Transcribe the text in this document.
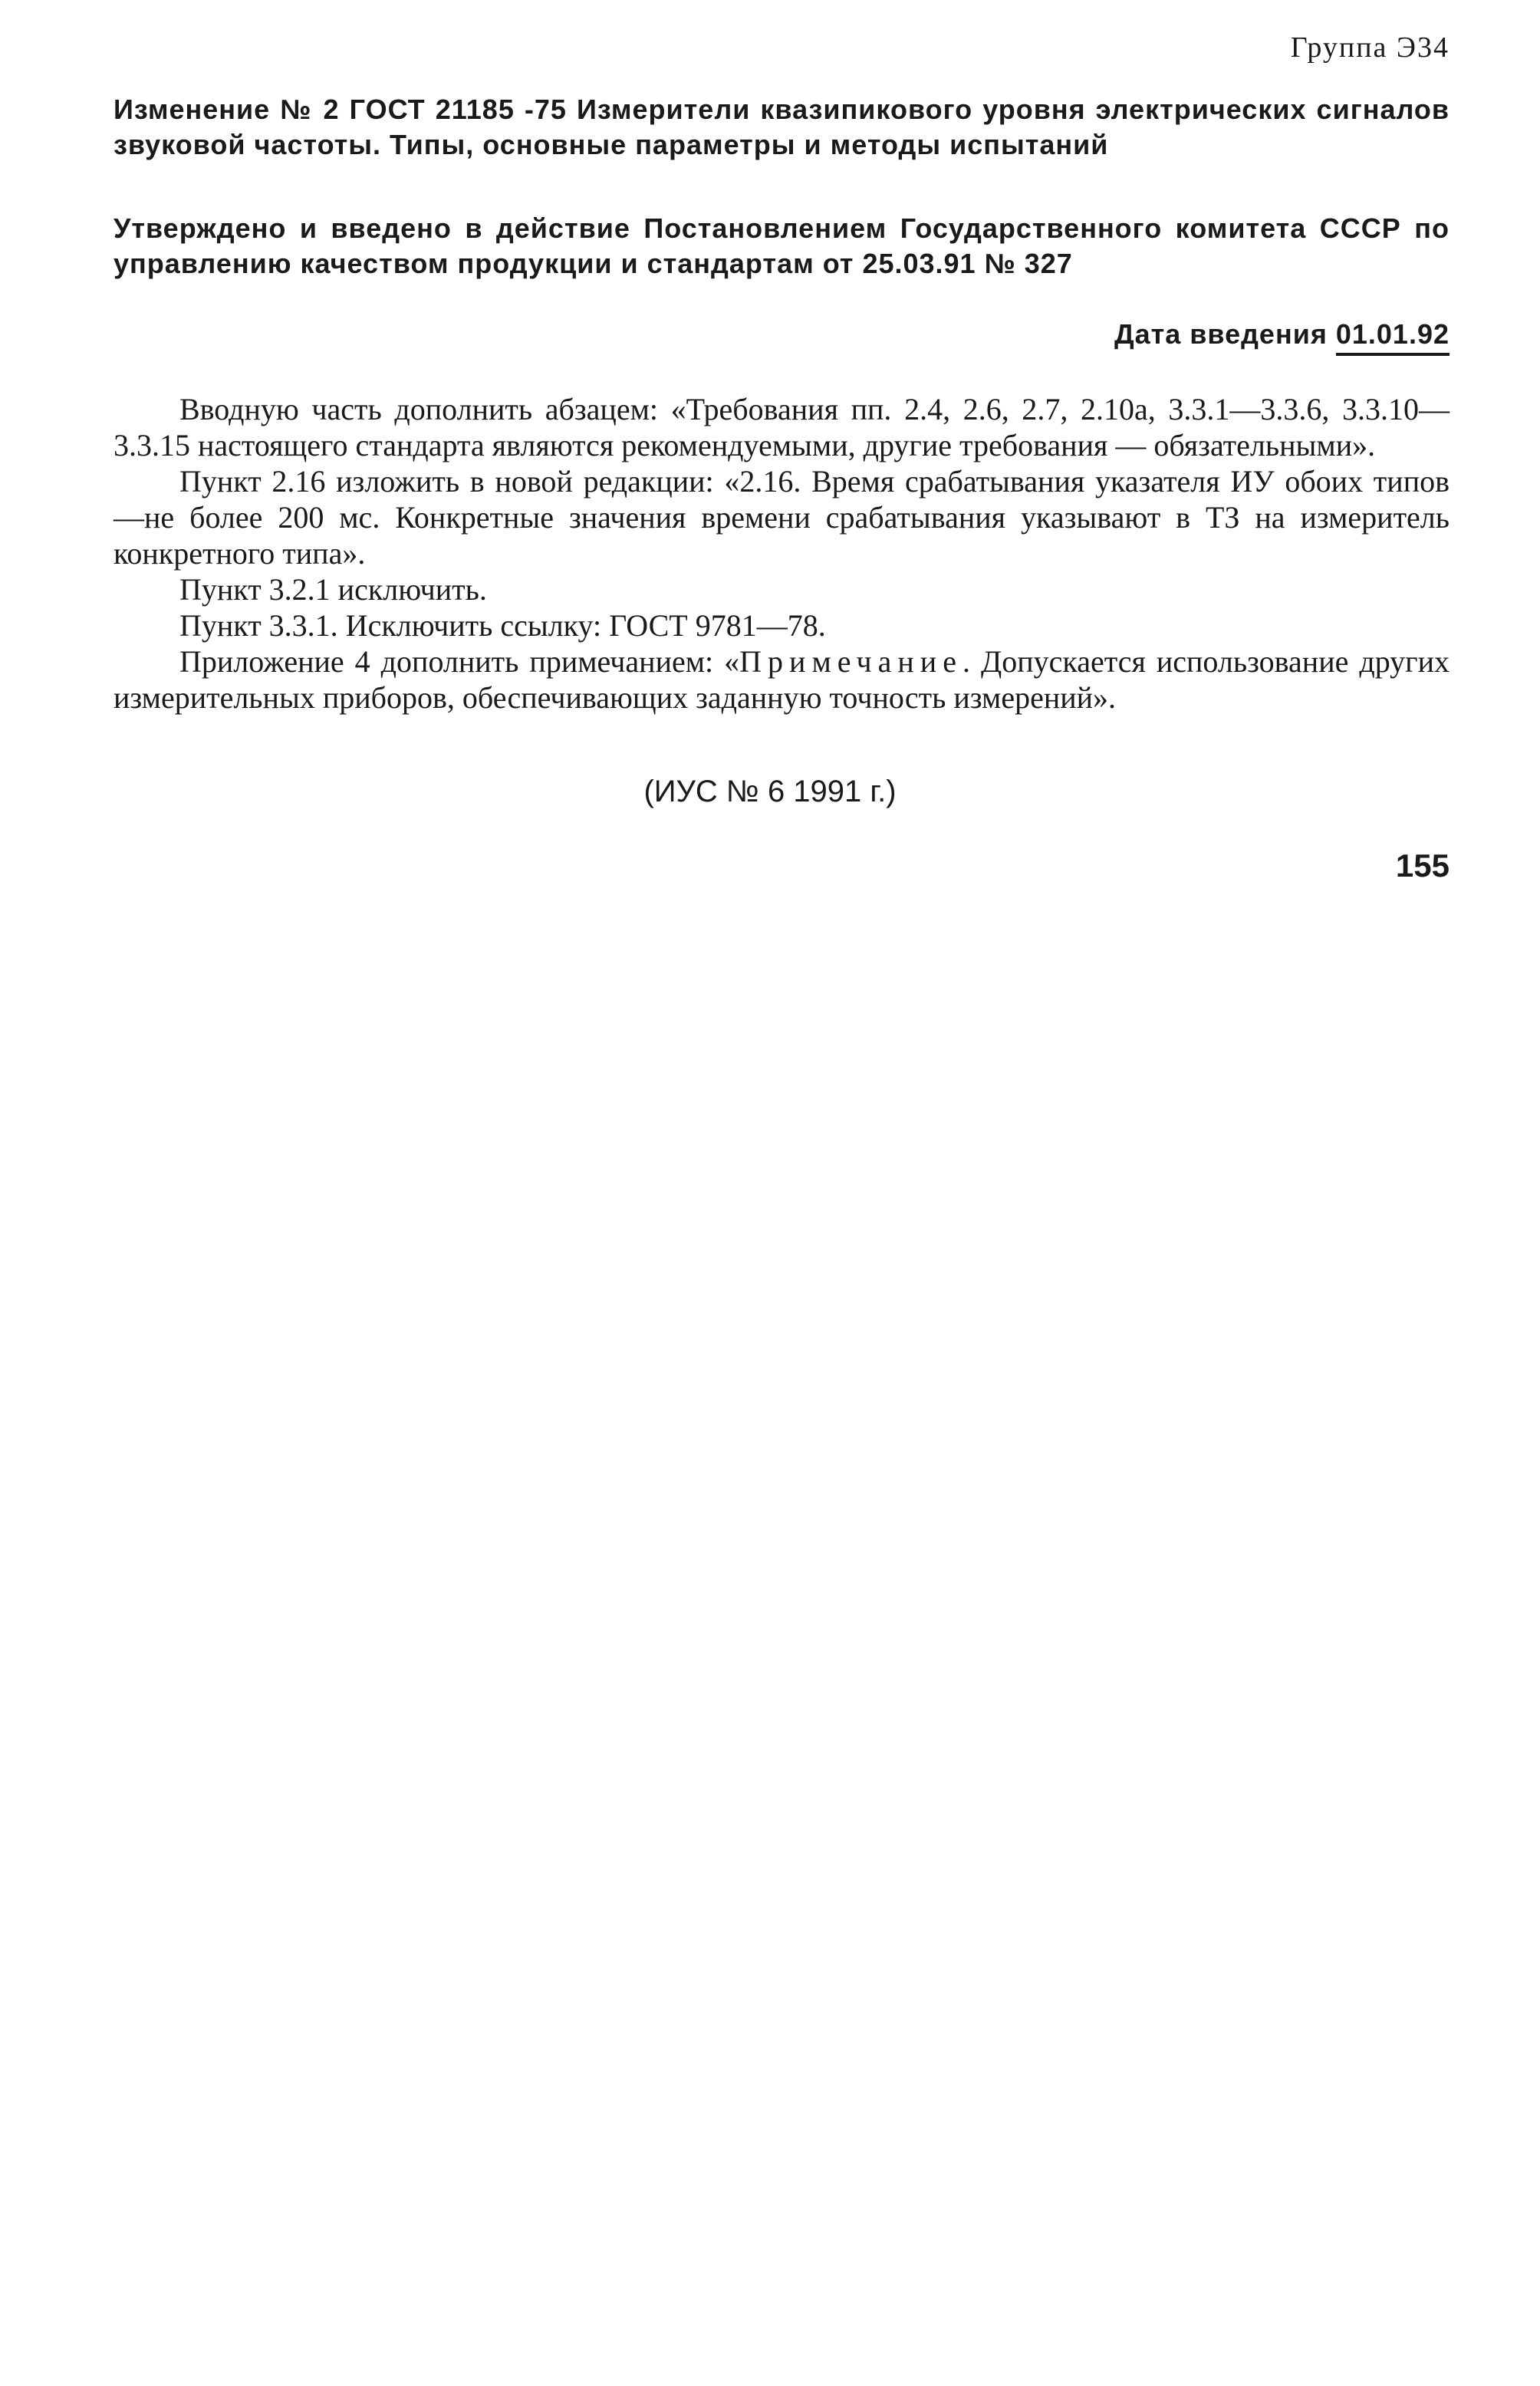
Группа Э34
Изменение № 2 ГОСТ 21185 -75 Измерители квазипикового уровня электрических сигналов звуковой частоты. Типы, основные параметры и методы испытаний
Утверждено и введено в действие Постановлением Государственного комитета СССР по управлению качеством продукции и стандартам от 25.03.91 № 327
Дата введения 01.01.92

Вводную часть дополнить абзацем: «Требования пп. 2.4, 2.6, 2.7, 2.10а, 3.3.1—3.3.6, 3.3.10—3.3.15 настоящего стандарта являются рекомендуемыми, другие требования — обязательными».

Пункт 2.16 изложить в новой редакции: «2.16. Время срабатывания указателя ИУ обоих типов —не более 200 мс. Конкретные значения времени срабатывания указывают в ТЗ на измеритель конкретного типа».

Пункт 3.2.1 исключить.

Пункт 3.3.1. Исключить ссылку: ГОСТ 9781—78.

Приложение 4 дополнить примечанием: «Примечание. Допускается использование других измерительных приборов, обеспечивающих заданную точность измерений».

(ИУС № 6 1991 г.)
155
